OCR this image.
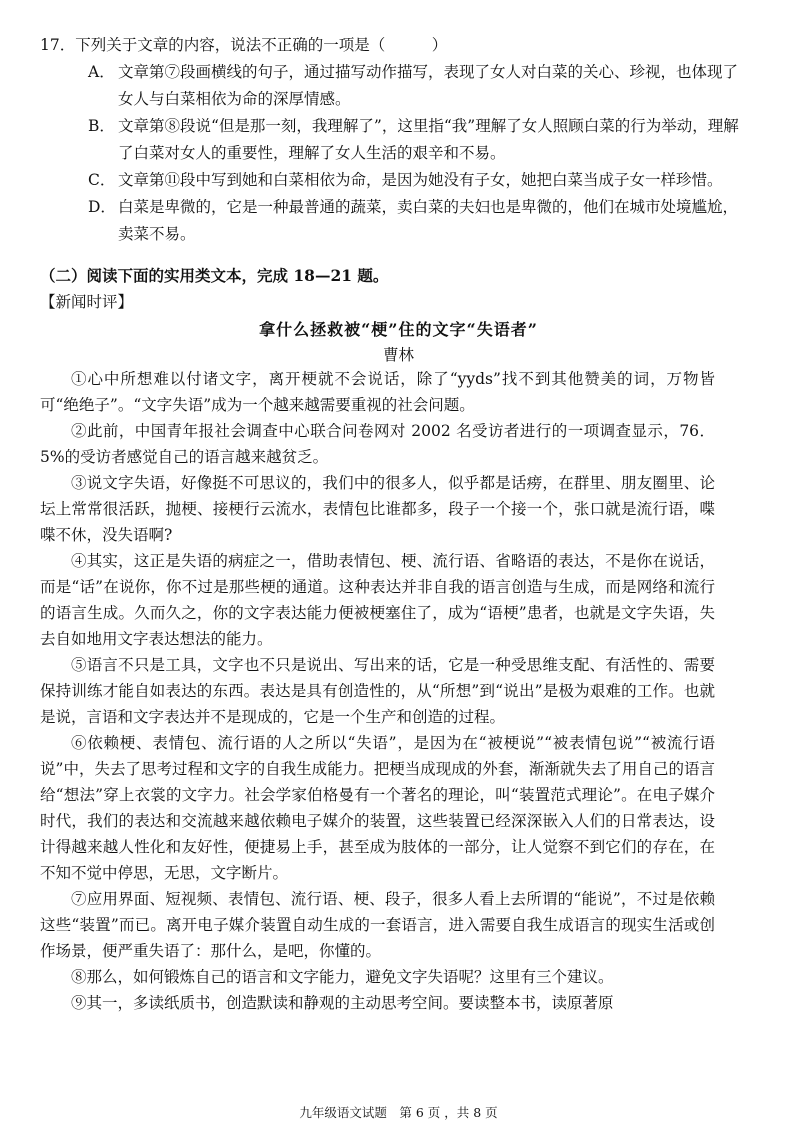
17．下列关于文章的内容，说法不正确的一项是（　　　）

A． 文章第⑦段画横线的句子，通过描写动作描写，表现了女人对白菜的关心、珍视，也体现了女人与白菜相依为命的深厚情感。
B． 文章第⑧段说“但是那一刻，我理解了”，这里指“我”理解了女人照顾白菜的行为举动，理解了白菜对女人的重要性，理解了女人生活的艰辛和不易。
C． 文章第⑪段中写到她和白菜相依为命，是因为她没有子女，她把白菜当成子女一样珍惜。
D． 白菜是卑微的，它是一种最普通的蔬菜，卖白菜的夫妇也是卑微的，他们在城市处境尴尬，卖菜不易。
（二）阅读下面的实用类文本，完成 18—21 题。
【新闻时评】
拿什么拯救被“梗”住的文字“失语者”
曹林

①心中所想难以付诸文字，离开梗就不会说话，除了“yyds”找不到其他赞美的词，万物皆可“绝绝子”。“文字失语”成为一个越来越需要重视的社会问题。

②此前，中国青年报社会调查中心联合问卷网对 2002 名受访者进行的一项调查显示，76．5%的受访者感觉自己的语言越来越贫乏。

③说文字失语，好像挺不可思议的，我们中的很多人，似乎都是话痨，在群里、朋友圈里、论坛上常常很活跃，抛梗、接梗行云流水，表情包比谁都多，段子一个接一个，张口就是流行语，喋喋不休，没失语啊?

④其实，这正是失语的病症之一，借助表情包、梗、流行语、省略语的表达，不是你在说话，而是“话”在说你，你不过是那些梗的通道。这种表达并非自我的语言创造与生成，而是网络和流行的语言生成。久而久之，你的文字表达能力便被梗塞住了，成为“语梗”患者，也就是文字失语，失去自如地用文字表达想法的能力。

⑤语言不只是工具，文字也不只是说出、写出来的话，它是一种受思维支配、有活性的、需要保持训练才能自如表达的东西。表达是具有创造性的，从“所想”到“说出”是极为艰难的工作。也就是说，言语和文字表达并不是现成的，它是一个生产和创造的过程。

⑥依赖梗、表情包、流行语的人之所以“失语”，是因为在“被梗说”“被表情包说”“被流行语说”中，失去了思考过程和文字的自我生成能力。把梗当成现成的外套，渐渐就失去了用自己的语言给“想法”穿上衣裳的文字力。社会学家伯格曼有一个著名的理论，叫“装置范式理论”。在电子媒介时代，我们的表达和交流越来越依赖电子媒介的装置，这些装置已经深深嵌入人们的日常表达，设计得越来越人性化和友好性，便捷易上手，甚至成为肢体的一部分，让人觉察不到它们的存在，在不知不觉中停思，无思，文字断片。

⑦应用界面、短视频、表情包、流行语、梗、段子，很多人看上去所谓的“能说”，不过是依赖这些“装置”而已。离开电子媒介装置自动生成的一套语言，进入需要自我生成语言的现实生活或创作场景，便严重失语了：那什么，是吧，你懂的。

⑧那么，如何锻炼自己的语言和文字能力，避免文字失语呢？这里有三个建议。

⑨其一，多读纸质书，创造默读和静观的主动思考空间。要读整本书，读原著原

九年级语文试题　第 6 页 ，共 8 页
